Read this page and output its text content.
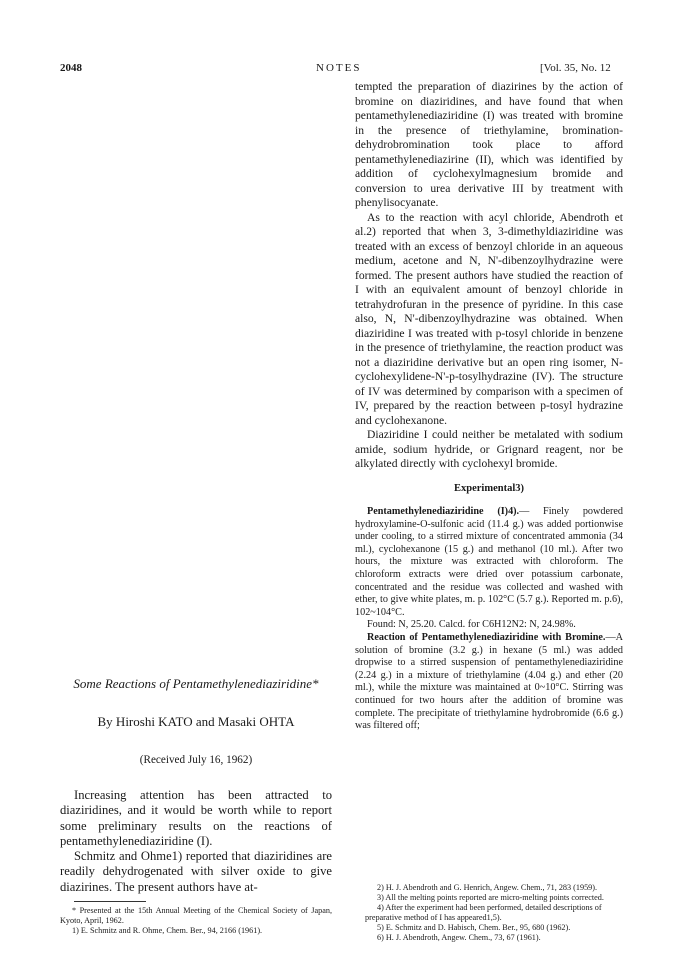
2048	NOTES	[Vol. 35, No. 12

tempted the preparation of diazirines by the action of bromine on diaziridines, and have found that when pentamethylenediaziridine (I) was treated with bromine in the presence of triethylamine, bromination-dehydrobromination took place to afford pentamethylenediazirine (II), which was identified by addition of cyclohexylmagnesium bromide and conversion to urea derivative III by treatment with phenylisocyanate.

As to the reaction with acyl chloride, Abendroth et al.2) reported that when 3, 3-dimethyldiaziridine was treated with an excess of benzoyl chloride in an aqueous medium, acetone and N, N'-dibenzoylhydrazine were formed. The present authors have studied the reaction of I with an equivalent amount of benzoyl chloride in tetrahydrofuran in the presence of pyridine. In this case also, N, N'-dibenzoylhydrazine was obtained. When diaziridine I was treated with p-tosyl chloride in benzene in the presence of triethylamine, the reaction product was not a diaziridine derivative but an open ring isomer, N-cyclohexylidene-N'-p-tosylhydrazine (IV). The structure of IV was determined by comparison with a specimen of IV, prepared by the reaction between p-tosyl hydrazine and cyclohexanone.

Diaziridine I could neither be metalated with sodium amide, sodium hydride, or Grignard reagent, nor be alkylated directly with cyclohexyl bromide.

Experimental3)

Pentamethylenediaziridine (I)4).— Finely powdered hydroxylamine-O-sulfonic acid (11.4 g.) was added portionwise under cooling, to a stirred mixture of concentrated ammonia (34 ml.), cyclohexanone (15 g.) and methanol (10 ml.). After two hours, the mixture was extracted with chloroform. The chloroform extracts were dried over potassium carbonate, concentrated and the residue was collected and washed with ether, to give white plates, m. p. 102°C (5.7 g.). Reported m. p.6), 102~104°C.

Found: N, 25.20. Calcd. for C6H12N2: N, 24.98%.

Reaction of Pentamethylenediaziridine with Bromine.—A solution of bromine (3.2 g.) in hexane (5 ml.) was added dropwise to a stirred suspension of pentamethylenediaziridine (2.24 g.) in a mixture of triethylamine (4.04 g.) and ether (20 ml.), while the mixture was maintained at 0~10°C. Stirring was continued for two hours after the addition of bromine was complete. The precipitate of triethylamine hydrobromide (6.6 g.) was filtered off;

2) H. J. Abendroth and G. Henrich, Angew. Chem., 71, 283 (1959).

3) All the melting points reported are micro-melting points corrected.

4) After the experiment had been performed, detailed descriptions of preparative method of I has appeared1,5).

5) E. Schmitz and D. Habisch, Chem. Ber., 95, 680 (1962).

6) H. J. Abendroth, Angew. Chem., 73, 67 (1961).

Some Reactions of Pentamethylenediaziridine*

By Hiroshi KATO and Masaki OHTA

(Received July 16, 1962)

Increasing attention has been attracted to diaziridines, and it would be worth while to report some preliminary results on the reactions of pentamethylenediaziridine (I).

Schmitz and Ohme1) reported that diaziridines are readily dehydrogenated with silver oxide to give diazirines. The present authors have at-

* Presented at the 15th Annual Meeting of the Chemical Society of Japan, Kyoto, April, 1962.

1) E. Schmitz and R. Ohme, Chem. Ber., 94, 2166 (1961).
